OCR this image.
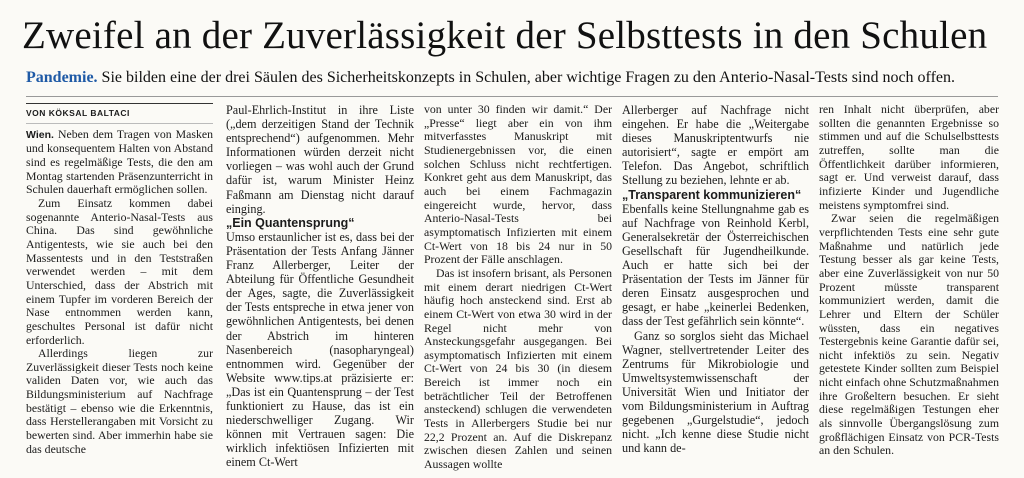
Zweifel an der Zuverlässigkeit der Selbsttests in den Schulen
Pandemie. Sie bilden eine der drei Säulen des Sicherheitskonzepts in Schulen, aber wichtige Fragen zu den Anterio-Nasal-Tests sind noch offen.
VON KÖKSAL BALTACI

Wien. Neben dem Tragen von Masken und konsequentem Halten von Abstand sind es regelmäßige Tests, die den am Montag startenden Präsenzunterricht in Schulen dauerhaft ermöglichen sollen.

Zum Einsatz kommen dabei sogenannte Anterio-Nasal-Tests aus China. Das sind gewöhnliche Antigentests, wie sie auch bei den Massentests und in den Teststraßen verwendet werden – mit dem Unterschied, dass der Abstrich mit einem Tupfer im vorderen Bereich der Nase entnommen werden kann, geschultes Personal ist dafür nicht erforderlich.

Allerdings liegen zur Zuverlässigkeit dieser Tests noch keine validen Daten vor, wie auch das Bildungsministerium auf Nachfrage bestätigt – ebenso wie die Erkenntnis, dass Herstellerangaben mit Vorsicht zu bewerten sind. Aber immerhin habe sie das deutsche

Paul-Ehrlich-Institut in ihre Liste („dem derzeitigen Stand der Technik entsprechend“) aufgenommen. Mehr Informationen würden derzeit nicht vorliegen – was wohl auch der Grund dafür ist, warum Minister Heinz Faßmann am Dienstag nicht darauf einging.

„Ein Quantensprung“

Umso erstaunlicher ist es, dass bei der Präsentation der Tests Anfang Jänner Franz Allerberger, Leiter der Abteilung für Öffentliche Gesundheit der Ages, sagte, die Zuverlässigkeit der Tests entspreche in etwa jener von gewöhnlichen Antigentests, bei denen der Abstrich im hinteren Nasenbereich (nasopharyngeal) entnommen wird. Gegenüber der Website www.tips.at präzisierte er: „Das ist ein Quantensprung – der Test funktioniert zu Hause, das ist ein niederschwelliger Zugang. Wir können mit Vertrauen sagen: Die wirklich infektiösen Infizierten mit einem Ct-Wert

von unter 30 finden wir damit.“ Der „Presse“ liegt aber ein von ihm mitverfasstes Manuskript mit Studienergebnissen vor, die einen solchen Schluss nicht rechtfertigen. Konkret geht aus dem Manuskript, das auch bei einem Fachmagazin eingereicht wurde, hervor, dass Anterio-Nasal-Tests bei asymptomatisch Infizierten mit einem Ct-Wert von 18 bis 24 nur in 50 Prozent der Fälle anschlagen.

Das ist insofern brisant, als Personen mit einem derart niedrigen Ct-Wert häufig hoch ansteckend sind. Erst ab einem Ct-Wert von etwa 30 wird in der Regel nicht mehr von Ansteckungsgefahr ausgegangen. Bei asymptomatisch Infizierten mit einem Ct-Wert von 24 bis 30 (in diesem Bereich ist immer noch ein beträchtlicher Teil der Betroffenen ansteckend) schlugen die verwendeten Tests in Allerbergers Studie bei nur 22,2 Prozent an. Auf die Diskrepanz zwischen diesen Zahlen und seinen Aussagen wollte

Allerberger auf Nachfrage nicht eingehen. Er habe die „Weitergabe dieses Manuskriptentwurfs nie autorisiert“, sagte er empört am Telefon. Das Angebot, schriftlich Stellung zu beziehen, lehnte er ab.

„Transparent kommunizieren“

Ebenfalls keine Stellungnahme gab es auf Nachfrage von Reinhold Kerbl, Generalsekretär der Österreichischen Gesellschaft für Jugendheilkunde. Auch er hatte sich bei der Präsentation der Tests im Jänner für deren Einsatz ausgesprochen und gesagt, er habe „keinerlei Bedenken, dass der Test gefährlich sein könnte“.

Ganz so sorglos sieht das Michael Wagner, stellvertretender Leiter des Zentrums für Mikrobiologie und Umweltsystemwissenschaft der Universität Wien und Initiator der vom Bildungsministerium in Auftrag gegebenen „Gurgelstudie“, jedoch nicht. „Ich kenne diese Studie nicht und kann de-

ren Inhalt nicht überprüfen, aber sollten die genannten Ergebnisse so stimmen und auf die Schulselbsttests zutreffen, sollte man die Öffentlichkeit darüber informieren, sagt er. Und verweist darauf, dass infizierte Kinder und Jugendliche meistens symptomfrei sind.

Zwar seien die regelmäßigen verpflichtenden Tests eine sehr gute Maßnahme und natürlich jede Testung besser als gar keine Tests, aber eine Zuverlässigkeit von nur 50 Prozent müsste transparent kommuniziert werden, damit die Lehrer und Eltern der Schüler wüssten, dass ein negatives Testergebnis keine Garantie dafür sei, nicht infektiös zu sein. Negativ getestete Kinder sollten zum Beispiel nicht einfach ohne Schutzmaßnahmen ihre Großeltern besuchen. Er sieht diese regelmäßigen Testungen eher als sinnvolle Übergangslösung zum großflächigen Einsatz von PCR-Tests an den Schulen.
